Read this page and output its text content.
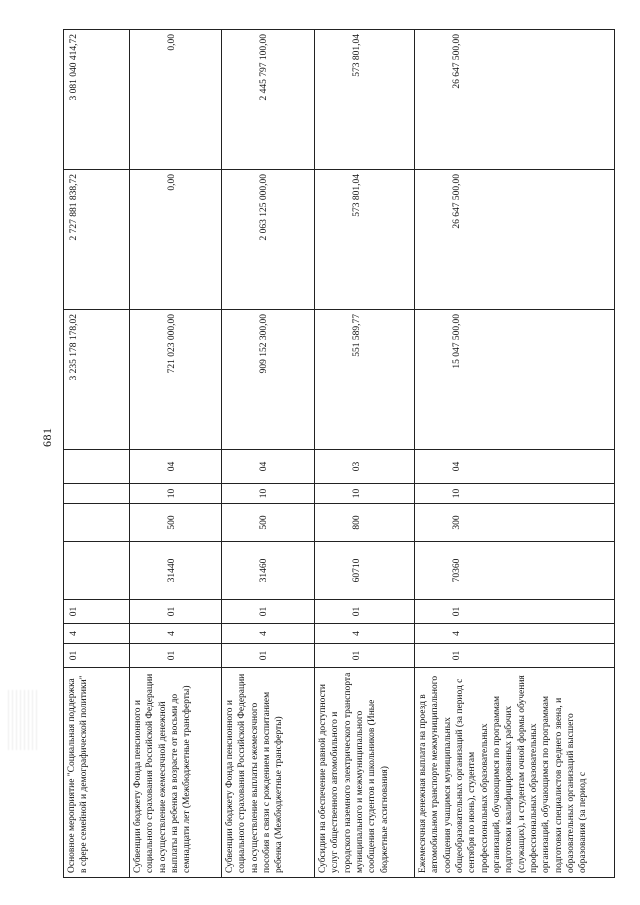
681
Основное мероприятие "Социальная поддержка в сфере семейной и демографической политики"	01	4	01					3 235 178 178,02	2 727 881 838,72	3 081 040 414,72
Субвенции бюджету Фонда пенсионного и социального страхования Российской Федерации на осуществление ежемесячной денежной выплаты на ребенка в возрасте от восьми до семнадцати лет (Межбюджетные трансферты)	01	4	01	31440	500	10	04	721 023 000,00	0,00	0,00
Субвенции бюджету Фонда пенсионного и социального страхования Российской Федерации на осуществление выплаты ежемесячного пособия в связи с рождением и воспитанием ребенка (Межбюджетные трансферты)	01	4	01	31460	500	10	04	909 152 300,00	2 063 125 000,00	2 445 797 100,00
Субсидии на обеспечение равной доступности услуг общественного автомобильного и городского наземного электрического транспорта муниципального и межмуниципального сообщения студентов и школьников (Иные бюджетные ассигнования)	01	4	01	60710	800	10	03	551 589,77	573 801,04	573 801,04
Ежемесячная денежная выплата на проезд в автомобильном транспорте межмуниципального сообщения учащимся муниципальных общеобразовательных организаций (за период с сентября по июнь), студентам профессиональных образовательных организаций, обучающимся по программам подготовки квалифицированных рабочих (служащих), и студентам очной формы обучения профессиональных образовательных организаций, обучающимся по программам подготовки специалистов среднего звена, и образовательных организаций высшего образования (за период с	01	4	01	70360	300	10	04	15 047 500,00	26 647 500,00	26 647 500,00
